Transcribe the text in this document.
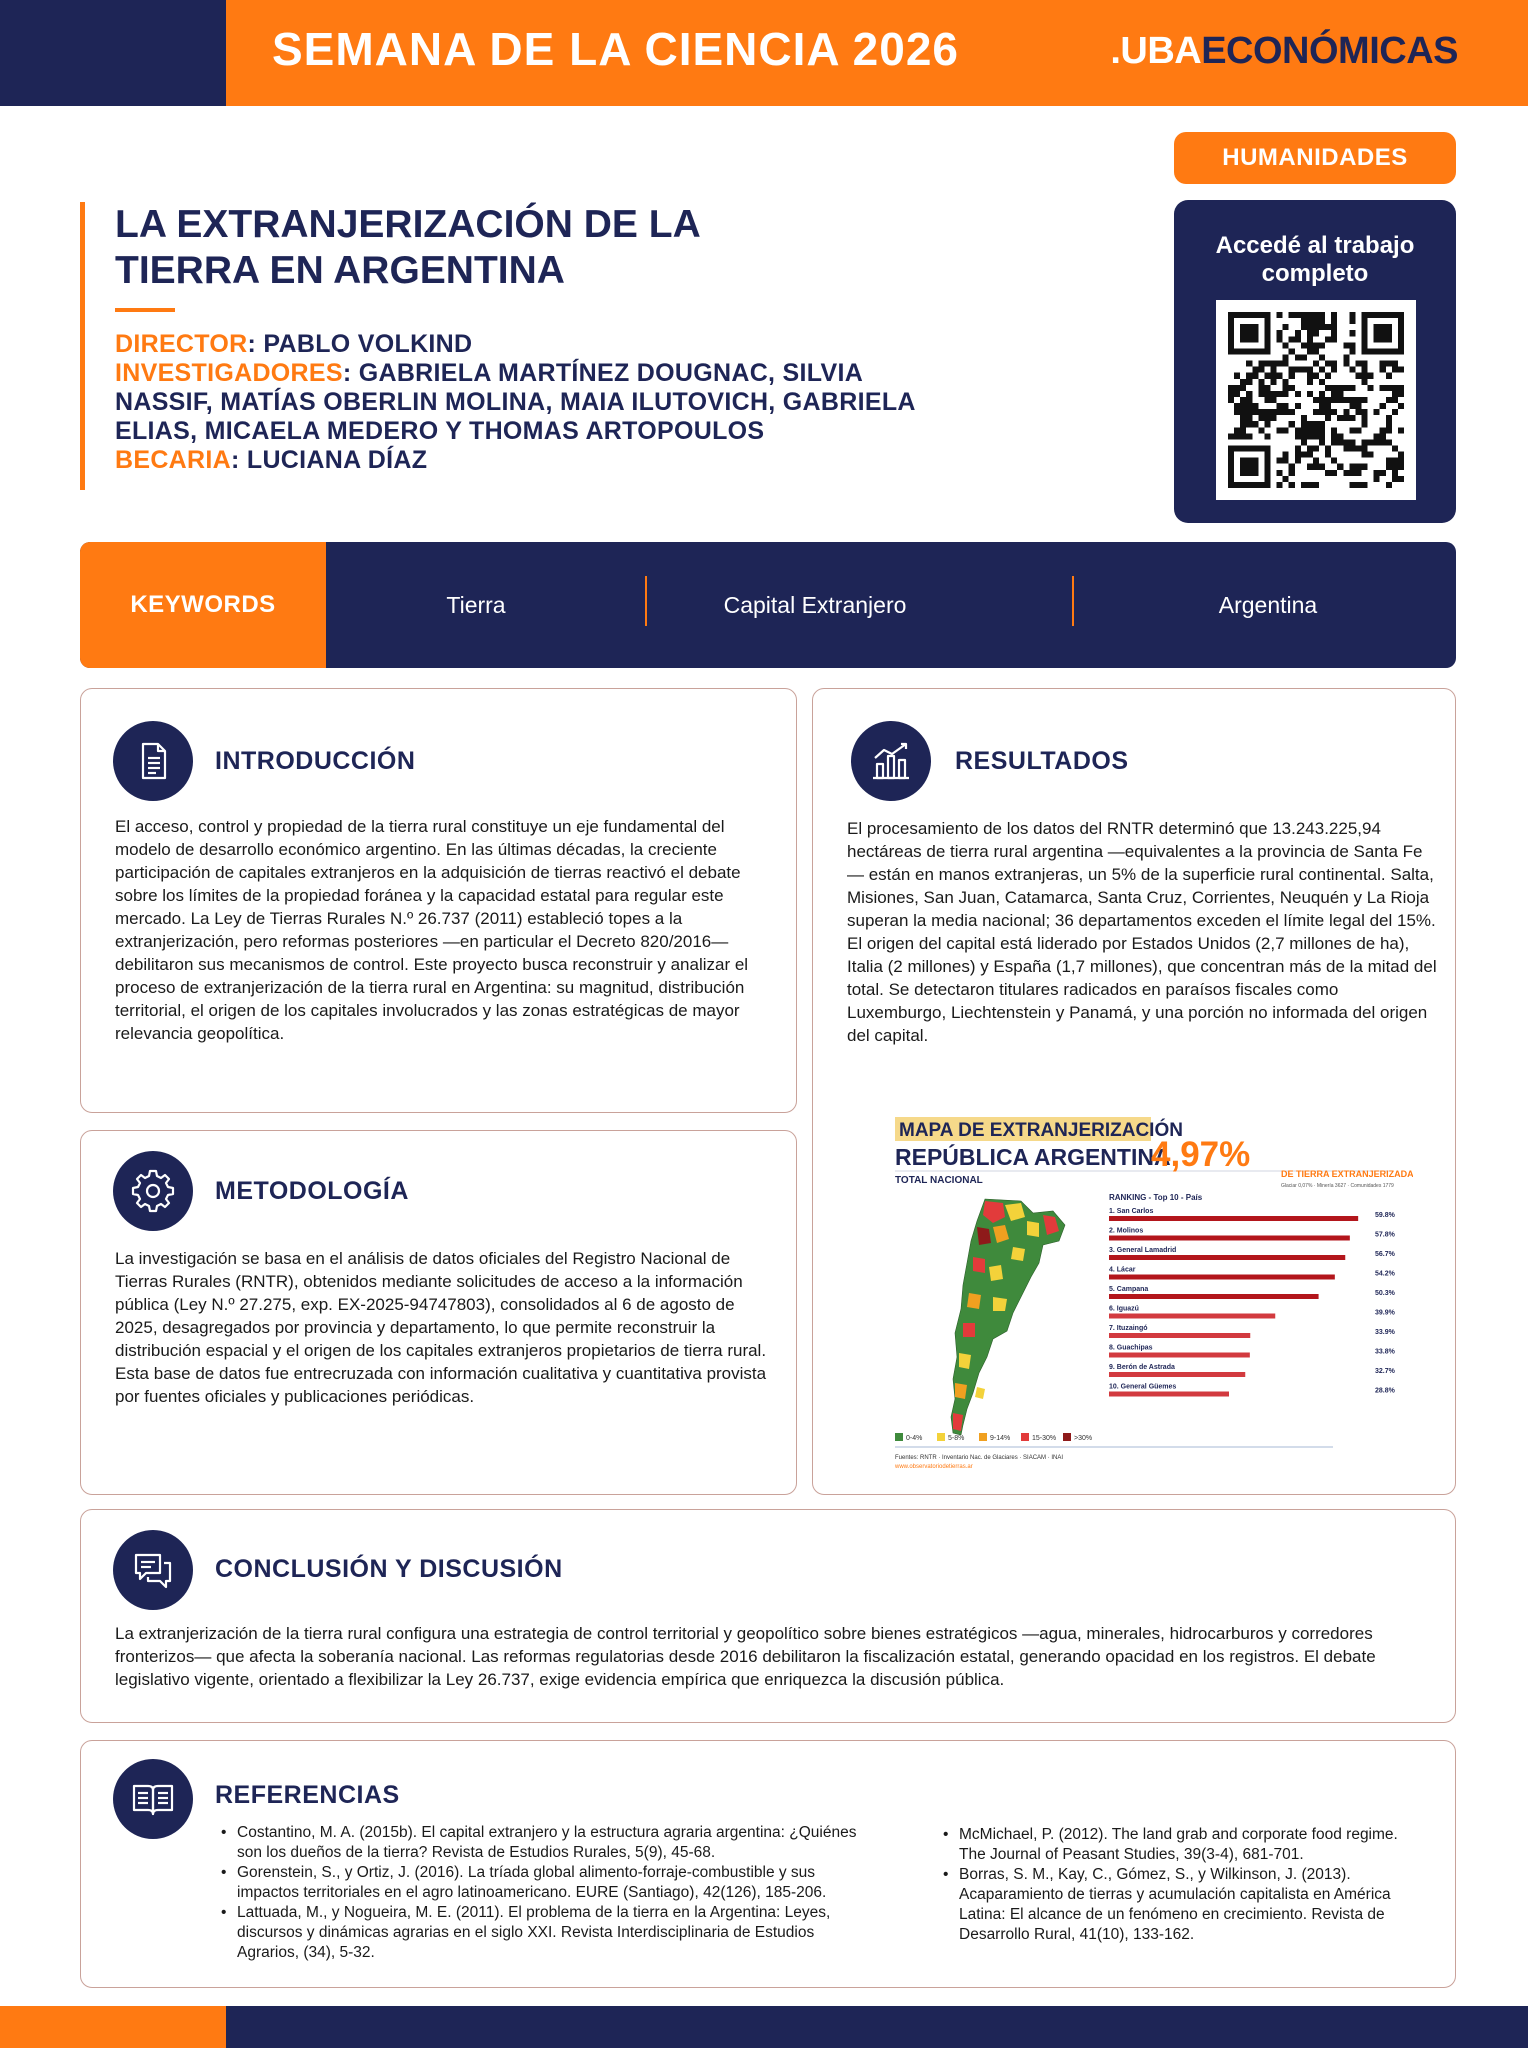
SEMANA DE LA CIENCIA 2026	.UBAECONÓMICAS
HUMANIDADES
Accedé al trabajo
completo
LA EXTRANJERIZACIÓN DE LA
TIERRA EN ARGENTINA
DIRECTOR: PABLO VOLKIND
INVESTIGADORES: GABRIELA MARTÍNEZ DOUGNAC, SILVIA NASSIF, MATÍAS OBERLIN MOLINA, MAIA ILUTOVICH, GABRIELA ELIAS, MICAELA MEDERO Y THOMAS ARTOPOULOS
BECARIA: LUCIANA DÍAZ
KEYWORDS	Tierra	Capital Extranjero	Argentina
INTRODUCCIÓN
El acceso, control y propiedad de la tierra rural constituye un eje fundamental del modelo de desarrollo económico argentino. En las últimas décadas, la creciente participación de capitales extranjeros en la adquisición de tierras reactivó el debate sobre los límites de la propiedad foránea y la capacidad estatal para regular este mercado. La Ley de Tierras Rurales N.º 26.737 (2011) estableció topes a la extranjerización, pero reformas posteriores —en particular el Decreto 820/2016— debilitaron sus mecanismos de control. Este proyecto busca reconstruir y analizar el proceso de extranjerización de la tierra rural en Argentina: su magnitud, distribución territorial, el origen de los capitales involucrados y las zonas estratégicas de mayor relevancia geopolítica.
METODOLOGÍA
La investigación se basa en el análisis de datos oficiales del Registro Nacional de Tierras Rurales (RNTR), obtenidos mediante solicitudes de acceso a la información pública (Ley N.º 27.275, exp. EX-2025-94747803), consolidados al 6 de agosto de 2025, desagregados por provincia y departamento, lo que permite reconstruir la distribución espacial y el origen de los capitales extranjeros propietarios de tierra rural. Esta base de datos fue entrecruzada con información cualitativa y cuantitativa provista por fuentes oficiales y publicaciones periódicas.
RESULTADOS
El procesamiento de los datos del RNTR determinó que 13.243.225,94 hectáreas de tierra rural argentina —equivalentes a la provincia de Santa Fe— están en manos extranjeras, un 5% de la superficie rural continental. Salta, Misiones, San Juan, Catamarca, Santa Cruz, Corrientes, Neuquén y La Rioja superan la media nacional; 36 departamentos exceden el límite legal del 15%. El origen del capital está liderado por Estados Unidos (2,7 millones de ha), Italia (2 millones) y España (1,7 millones), que concentran más de la mitad del total. Se detectaron titulares radicados en paraísos fiscales como Luxemburgo, Liechtenstein y Panamá, y una porción no informada del origen del capital.
MAPA DE EXTRANJERIZACIÓN
REPÚBLICA ARGENTINA
TOTAL NACIONAL
4,97%	DE TIERRA EXTRANJERIZADA
Glaciar 0,07% · Minería 3627 · Comunidades 1779
RANKING - Top 10 - País
1. San Carlos
59.8%
2. Molinos
57.8%
3. General Lamadrid
56.7%
4. Lácar
54.2%
5. Campana
50.3%
6. Iguazú
39.9%
7. Ituzaingó
33.9%
8. Guachipas
33.8%
9. Berón de Astrada
32.7%
10. General Güemes
28.8%
0-4%	5-8%	9-14%	15-30%	>30%
Fuentes: RNTR · Inventario Nac. de Glaciares · SIACAM · INAI
www.observatoriodetierras.ar
CONCLUSIÓN Y DISCUSIÓN
La extranjerización de la tierra rural configura una estrategia de control territorial y geopolítico sobre bienes estratégicos —agua, minerales, hidrocarburos y corredores fronterizos— que afecta la soberanía nacional. Las reformas regulatorias desde 2016 debilitaron la fiscalización estatal, generando opacidad en los registros. El debate legislativo vigente, orientado a flexibilizar la Ley 26.737, exige evidencia empírica que enriquezca la discusión pública.
REFERENCIAS
• Costantino, M. A. (2015b). El capital extranjero y la estructura agraria argentina: ¿Quiénes son los dueños de la tierra? Revista de Estudios Rurales, 5(9), 45-68.
• Gorenstein, S., y Ortiz, J. (2016). La tríada global alimento-forraje-combustible y sus impactos territoriales en el agro latinoamericano. EURE (Santiago), 42(126), 185-206.
• Lattuada, M., y Nogueira, M. E. (2011). El problema de la tierra en la Argentina: Leyes, discursos y dinámicas agrarias en el siglo XXI. Revista Interdisciplinaria de Estudios Agrarios, (34), 5-32.
• McMichael, P. (2012). The land grab and corporate food regime. The Journal of Peasant Studies, 39(3-4), 681-701.
• Borras, S. M., Kay, C., Gómez, S., y Wilkinson, J. (2013). Acaparamiento de tierras y acumulación capitalista en América Latina: El alcance de un fenómeno en crecimiento. Revista de Desarrollo Rural, 41(10), 133-162.
